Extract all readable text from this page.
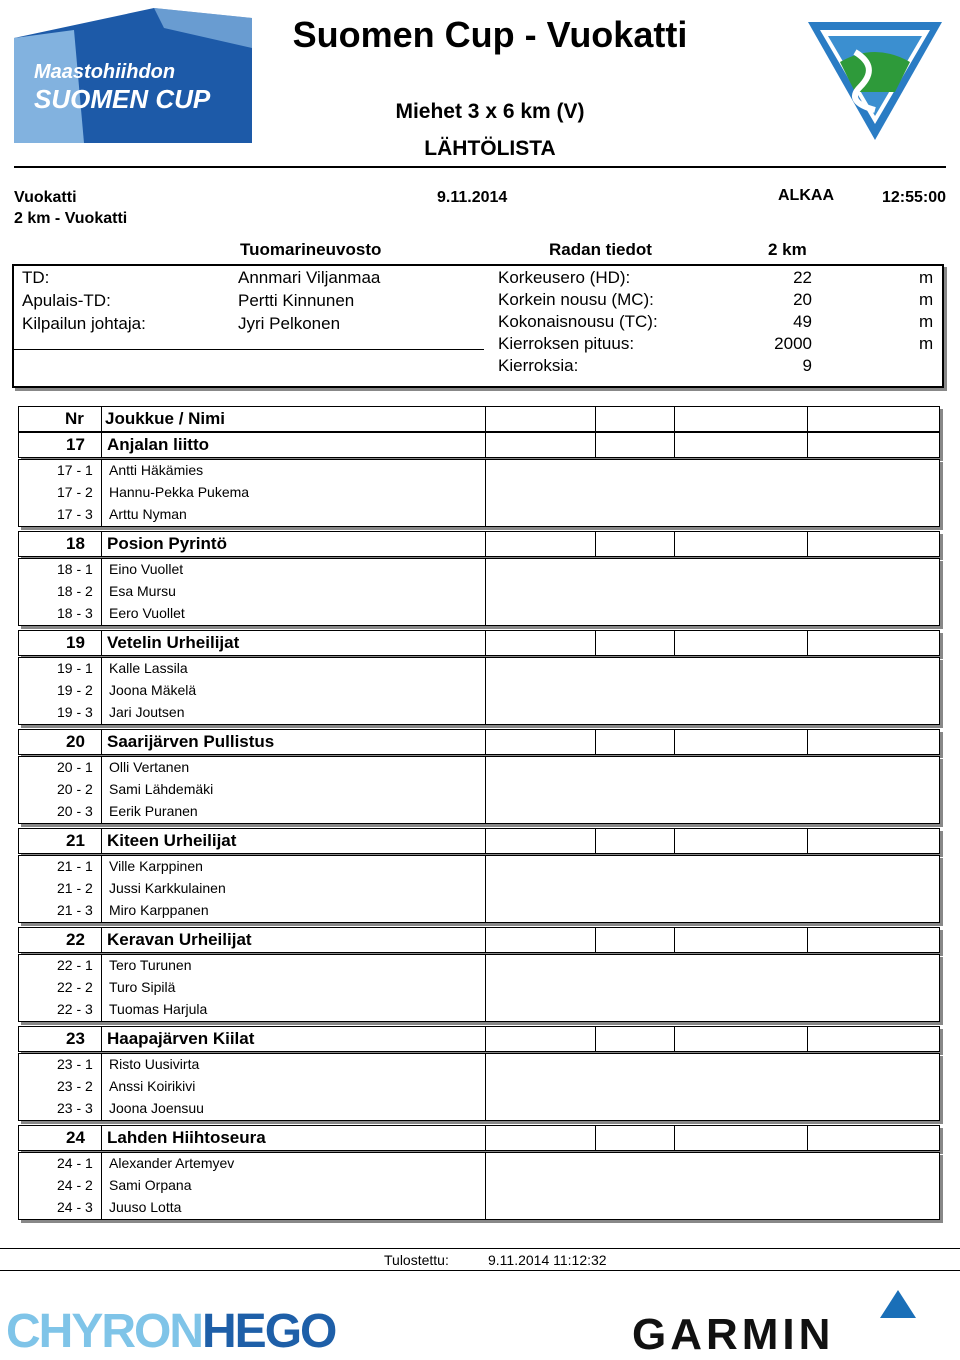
Maastohiihdon
SUOMEN CUP
Suomen Cup - Vuokatti
Miehet 3 x 6 km (V)
LÄHTÖLISTA
Vuokatti	9.11.2014	ALKAA	12:55:00
2 km - Vuokatti
Tuomarineuvosto	Radan tiedot	2 km
TD:	Annmari Viljanmaa
Apulais-TD:	Pertti Kinnunen
Kilpailun johtaja:	Jyri Pelkonen
Korkeusero (HD):	22	m
Korkein nousu (MC):	20	m
Kokonaisnousu (TC):	49	m
Kierroksen pituus:	2000	m
Kierroksia:	9
Nr Joukkue / Nimi
17 Anjalan liitto
17 - 1 Antti Häkämies
17 - 2 Hannu-Pekka Pukema
17 - 3 Arttu Nyman
18 Posion Pyrintö
18 - 1 Eino Vuollet
18 - 2 Esa Mursu
18 - 3 Eero Vuollet
19 Vetelin Urheilijat
19 - 1 Kalle Lassila
19 - 2 Joona Mäkelä
19 - 3 Jari Joutsen
20 Saarijärven Pullistus
20 - 1 Olli Vertanen
20 - 2 Sami Lähdemäki
20 - 3 Eerik Puranen
21 Kiteen Urheilijat
21 - 1 Ville Karppinen
21 - 2 Jussi Karkkulainen
21 - 3 Miro Karppanen
22 Keravan Urheilijat
22 - 1 Tero Turunen
22 - 2 Turo Sipilä
22 - 3 Tuomas Harjula
23 Haapajärven Kiilat
23 - 1 Risto Uusivirta
23 - 2 Anssi Koirikivi
23 - 3 Joona Joensuu
24 Lahden Hiihtoseura
24 - 1 Alexander Artemyev
24 - 2 Sami Orpana
24 - 3 Juuso Lotta
Tulostettu:	9.11.2014 11:12:32
CHYRONHEGO	GARMIN
